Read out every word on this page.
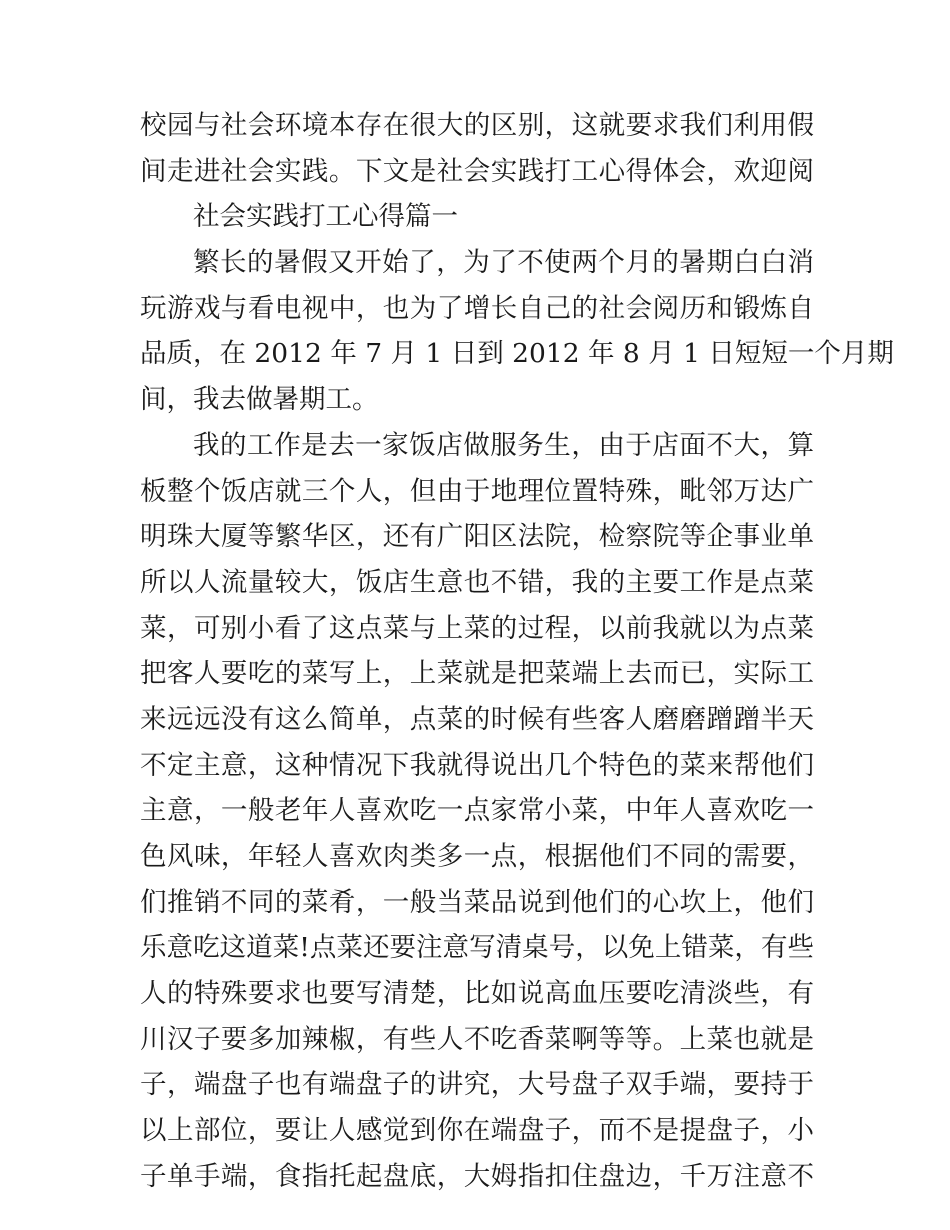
校园与社会环境本存在很大的区别，这就要求我们利用假
间走进社会实践。下文是社会实践打工心得体会，欢迎阅
社会实践打工心得篇一
繁长的暑假又开始了，为了不使两个月的暑期白白消
玩游戏与看电视中，也为了增长自己的社会阅历和锻炼自
品质，在 2012 年 7 月 1 日到 2012 年 8 月 1 日短短一个月期
间，我去做暑期工。
我的工作是去一家饭店做服务生，由于店面不大，算
板整个饭店就三个人，但由于地理位置特殊，毗邻万达广
明珠大厦等繁华区，还有广阳区法院，检察院等企事业单
所以人流量较大，饭店生意也不错，我的主要工作是点菜
菜，可别小看了这点菜与上菜的过程，以前我就以为点菜
把客人要吃的菜写上，上菜就是把菜端上去而已，实际工
来远远没有这么简单，点菜的时候有些客人磨磨蹭蹭半天
不定主意，这种情况下我就得说出几个特色的菜来帮他们
主意，一般老年人喜欢吃一点家常小菜，中年人喜欢吃一
色风味，年轻人喜欢肉类多一点，根据他们不同的需要，
们推销不同的菜肴，一般当菜品说到他们的心坎上，他们
乐意吃这道菜!点菜还要注意写清桌号，以免上错菜，有些
人的特殊要求也要写清楚，比如说高血压要吃清淡些，有
川汉子要多加辣椒，有些人不吃香菜啊等等。上菜也就是
子，端盘子也有端盘子的讲究，大号盘子双手端，要持于
以上部位，要让人感觉到你在端盘子，而不是提盘子，小
子单手端，食指托起盘底，大姆指扣住盘边，千万注意不
